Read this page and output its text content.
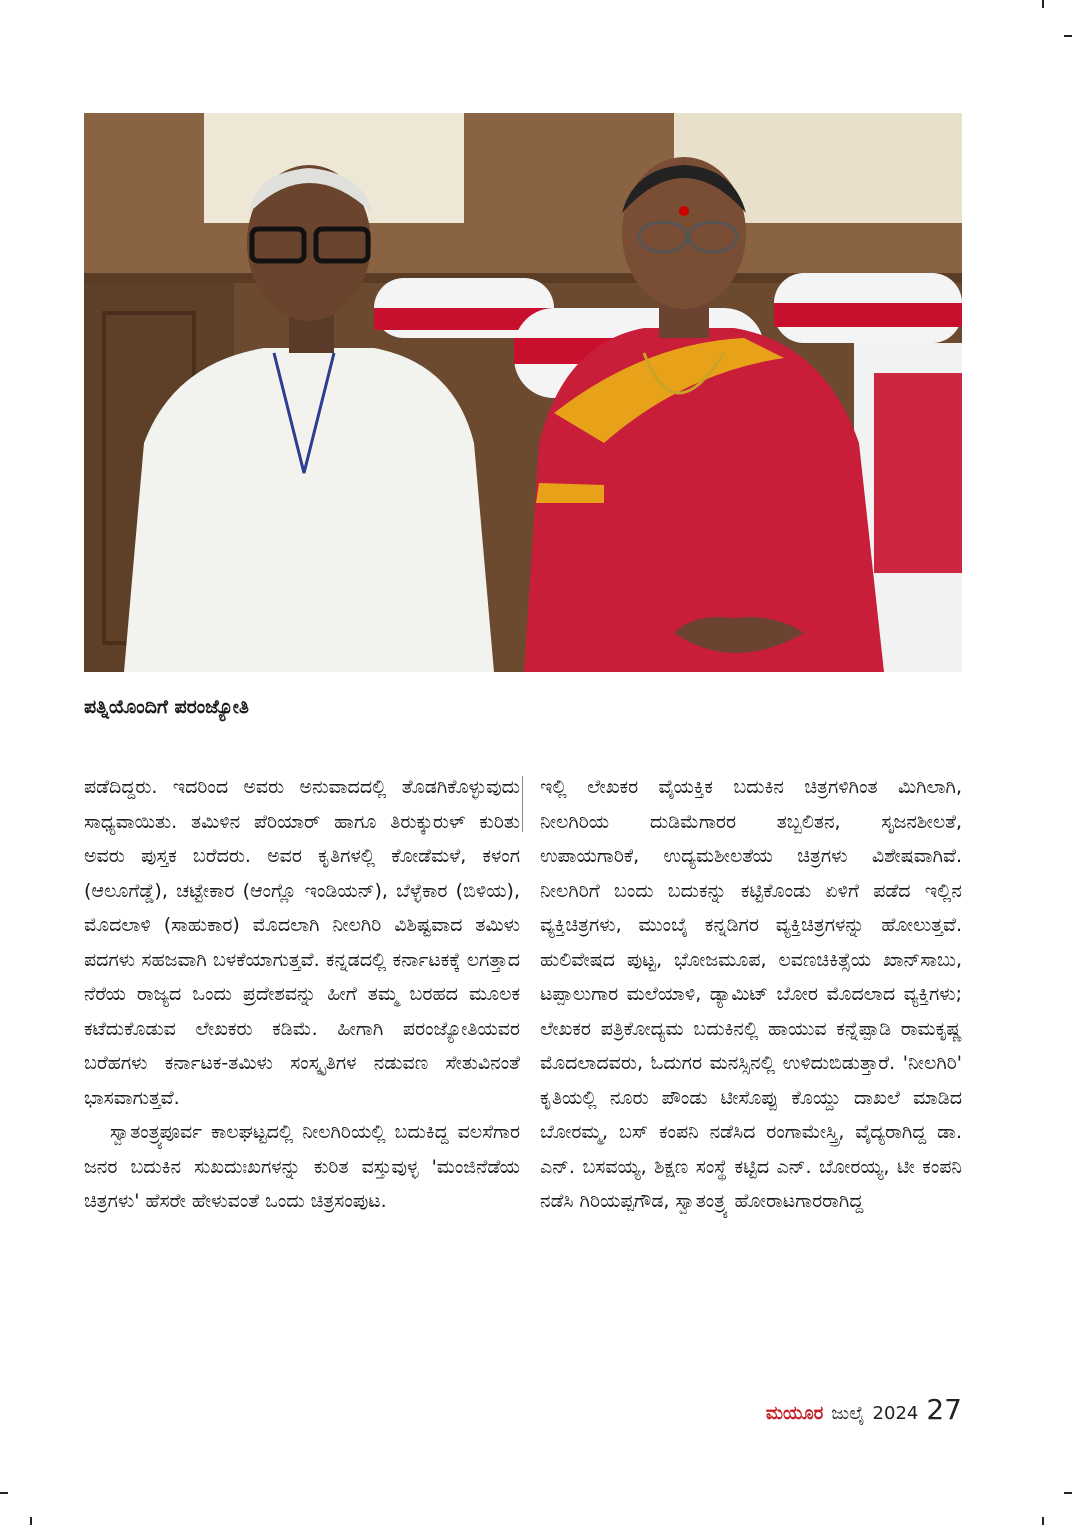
ಪತ್ನಿಯೊಂದಿಗೆ ಪರಂಜ್ಯೋತಿ

ಪಡೆದಿದ್ದರು. ಇದರಿಂದ ಅವರು ಅನುವಾದದಲ್ಲಿ ತೊಡಗಿಕೊಳ್ಳುವುದು ಸಾಧ್ಯವಾಯಿತು. ತಮಿಳಿನ ಪೆರಿಯಾರ್ ಹಾಗೂ ತಿರುಕ್ಕುರುಳ್ ಕುರಿತು ಅವರು ಪುಸ್ತಕ ಬರೆದರು. ಅವರ ಕೃತಿಗಳಲ್ಲಿ ಕೋಡೆಮಳೆ, ಕಳಂಗ (ಆಲೂಗೆಡ್ಡೆ), ಚಟ್ಟೇಕಾರ (ಆಂಗ್ಲೊ ಇಂಡಿಯನ್), ಬೆಳ್ಳೆಕಾರ (ಬಿಳಿಯ), ಮೊದಲಾಳಿ (ಸಾಹುಕಾರ) ಮೊದಲಾಗಿ ನೀಲಗಿರಿ ವಿಶಿಷ್ಟವಾದ ತಮಿಳು ಪದಗಳು ಸಹಜವಾಗಿ ಬಳಕೆಯಾಗುತ್ತವೆ. ಕನ್ನಡದಲ್ಲಿ ಕರ್ನಾಟಕಕ್ಕೆ ಲಗತ್ತಾದ ನೆರೆಯ ರಾಜ್ಯದ ಒಂದು ಪ್ರದೇಶವನ್ನು ಹೀಗೆ ತಮ್ಮ ಬರಹದ ಮೂಲಕ ಕಟೆದುಕೊಡುವ ಲೇಖಕರು ಕಡಿಮೆ. ಹೀಗಾಗಿ ಪರಂಜ್ಯೋತಿಯವರ ಬರೆಹಗಳು ಕರ್ನಾಟಕ-ತಮಿಳು ಸಂಸ್ಕೃತಿಗಳ ನಡುವಣ ಸೇತುವಿನಂತೆ ಭಾಸವಾಗುತ್ತವೆ.

ಸ್ವಾತಂತ್ರ್ಯಪೂರ್ವ ಕಾಲಘಟ್ಟದಲ್ಲಿ ನೀಲಗಿರಿಯಲ್ಲಿ ಬದುಕಿದ್ದ ವಲಸೆಗಾರ ಜನರ ಬದುಕಿನ ಸುಖದುಃಖಗಳನ್ನು ಕುರಿತ ವಸ್ತುವುಳ್ಳ 'ಮಂಜಿನೆಡೆಯ ಚಿತ್ರಗಳು' ಹೆಸರೇ ಹೇಳುವಂತೆ ಒಂದು ಚಿತ್ರಸಂಪುಟ.

ಇಲ್ಲಿ ಲೇಖಕರ ವೈಯಕ್ತಿಕ ಬದುಕಿನ ಚಿತ್ರಗಳಿಗಿಂತ ಮಿಗಿಲಾಗಿ, ನೀಲಗಿರಿಯ ದುಡಿಮೆಗಾರರ ತಬ್ಬಲಿತನ, ಸೃಜನಶೀಲತೆ, ಉಪಾಯಗಾರಿಕೆ, ಉದ್ಯಮಶೀಲತೆಯ ಚಿತ್ರಗಳು ವಿಶೇಷವಾಗಿವೆ. ನೀಲಗಿರಿಗೆ ಬಂದು ಬದುಕನ್ನು ಕಟ್ಟಿಕೊಂಡು ಏಳಿಗೆ ಪಡೆದ ಇಲ್ಲಿನ ವ್ಯಕ್ತಿಚಿತ್ರಗಳು, ಮುಂಬೈ ಕನ್ನಡಿಗರ ವ್ಯಕ್ತಿಚಿತ್ರಗಳನ್ನು ಹೋಲುತ್ತವೆ. ಹುಲಿವೇಷದ ಪುಟ್ಟ, ಭೋಜಮೂಪ, ಲವಣಚಿಕಿತ್ಸೆಯ ಖಾನ್‌ಸಾಬು, ಟಪ್ಪಾಲುಗಾರ ಮಲೆಯಾಳಿ, ಡ್ಯಾಮಿಟ್ ಬೋರ ಮೊದಲಾದ ವ್ಯಕ್ತಿಗಳು; ಲೇಖಕರ ಪತ್ರಿಕೋದ್ಯಮ ಬದುಕಿನಲ್ಲಿ ಹಾಯುವ ಕನ್ನೆಪ್ಪಾಡಿ ರಾಮಕೃಷ್ಣ ಮೊದಲಾದವರು, ಓದುಗರ ಮನಸ್ಸಿನಲ್ಲಿ ಉಳಿದುಬಿಡುತ್ತಾರೆ. 'ನೀಲಗಿರಿ' ಕೃತಿಯಲ್ಲಿ ನೂರು ಪೌಂಡು ಟೀಸೊಪ್ಪು ಕೊಯ್ದು ದಾಖಲೆ ಮಾಡಿದ ಬೋರಮ್ಮ, ಬಸ್ ಕಂಪನಿ ನಡೆಸಿದ ರಂಗಾಮೇಸ್ತ್ರಿ, ವೈದ್ಯರಾಗಿದ್ದ ಡಾ. ಎನ್. ಬಸವಯ್ಯ, ಶಿಕ್ಷಣ ಸಂಸ್ಥೆ ಕಟ್ಟಿದ ಎನ್. ಬೋರಯ್ಯ, ಟೀ ಕಂಪನಿ ನಡೆಸಿ ಗಿರಿಯಪ್ಪಗೌಡ, ಸ್ವಾತಂತ್ರ್ಯ ಹೋರಾಟಗಾರರಾಗಿದ್ದ

ಮಯೂರ ಜುಲೈ 2024 27
